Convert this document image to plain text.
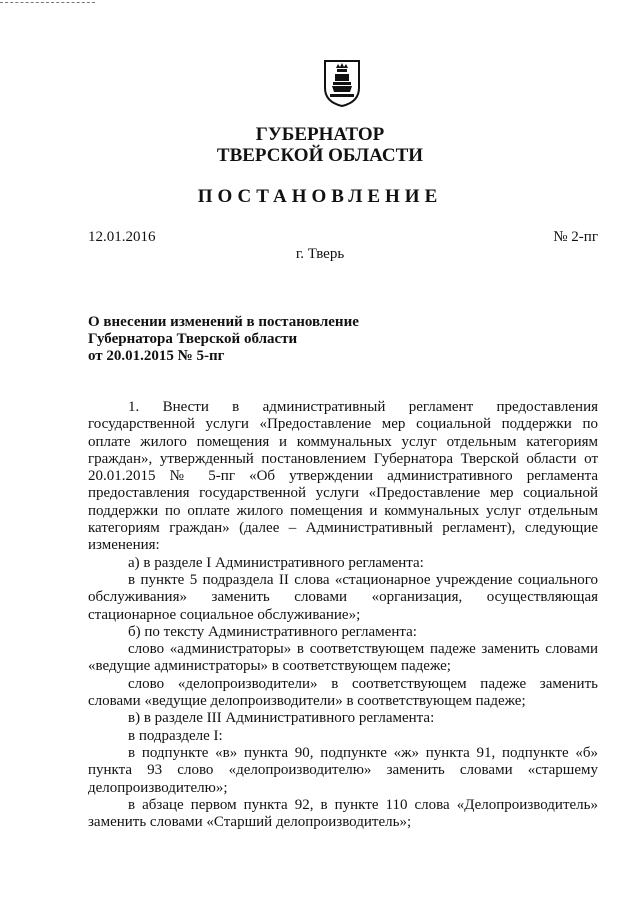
ГУБЕРНАТОР
ТВЕРСКОЙ ОБЛАСТИ
ПОСТАНОВЛЕНИЕ
12.01.2016	№ 2-пг
г. Тверь
О внесении изменений в постановление
Губернатора Тверской области
от 20.01.2015 № 5-пг

1. Внести в административный регламент предоставления государственной услуги «Предоставление мер социальной поддержки по оплате жилого помещения и коммунальных услуг отдельным категориям граждан», утвержденный постановлением Губернатора Тверской области от 20.01.2015 № 5-пг «Об утверждении административного регламента предоставления государственной услуги «Предоставление мер социальной поддержки по оплате жилого помещения и коммунальных услуг отдельным категориям граждан» (далее – Административный регламент), следующие изменения:

а) в разделе I Административного регламента:

в пункте 5 подраздела II слова «стационарное учреждение социального обслуживания» заменить словами «организация, осуществляющая стационарное социальное обслуживание»;

б) по тексту Административного регламента:

слово «администраторы» в соответствующем падеже заменить словами «ведущие администраторы» в соответствующем падеже;

слово «делопроизводители» в соответствующем падеже заменить словами «ведущие делопроизводители» в соответствующем падеже;

в) в разделе III Административного регламента:

в подразделе I:

в подпункте «в» пункта 90, подпункте «ж» пункта 91, подпункте «б» пункта 93 слово «делопроизводителю» заменить словами «старшему делопроизводителю»;

в абзаце первом пункта 92, в пункте 110 слова «Делопроизводитель» заменить словами «Старший делопроизводитель»;
